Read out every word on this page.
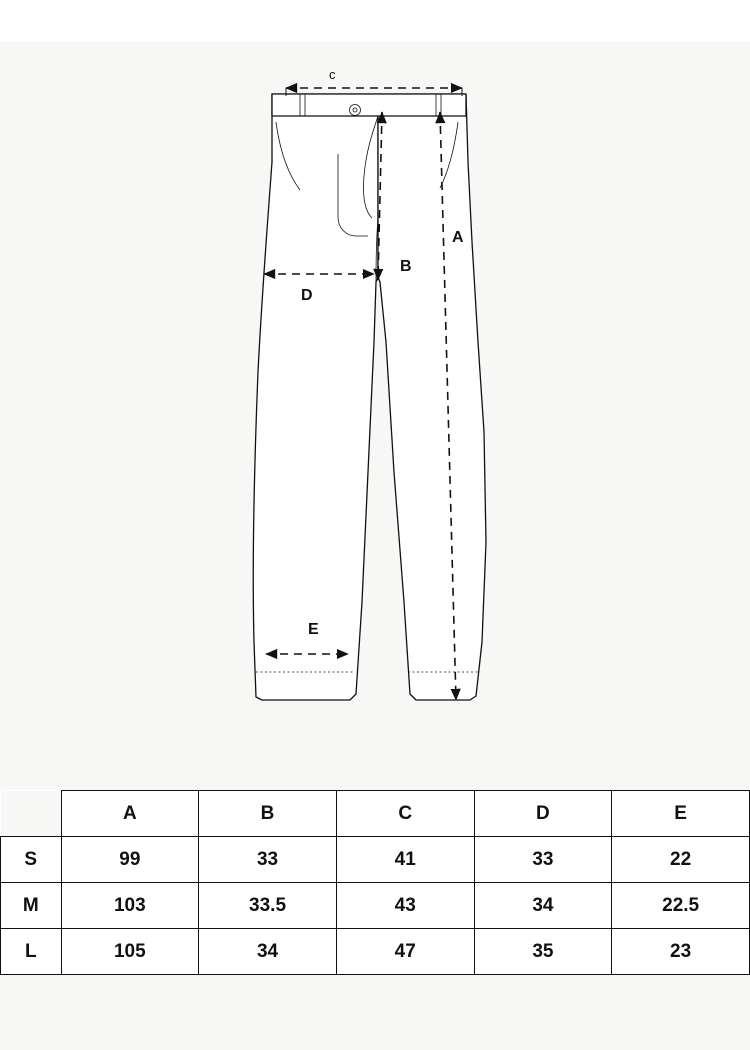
c
A
B
D
E
	A	B	C	D	E
S	99	33	41	33	22
M	103	33.5	43	34	22.5
L	105	34	47	35	23
